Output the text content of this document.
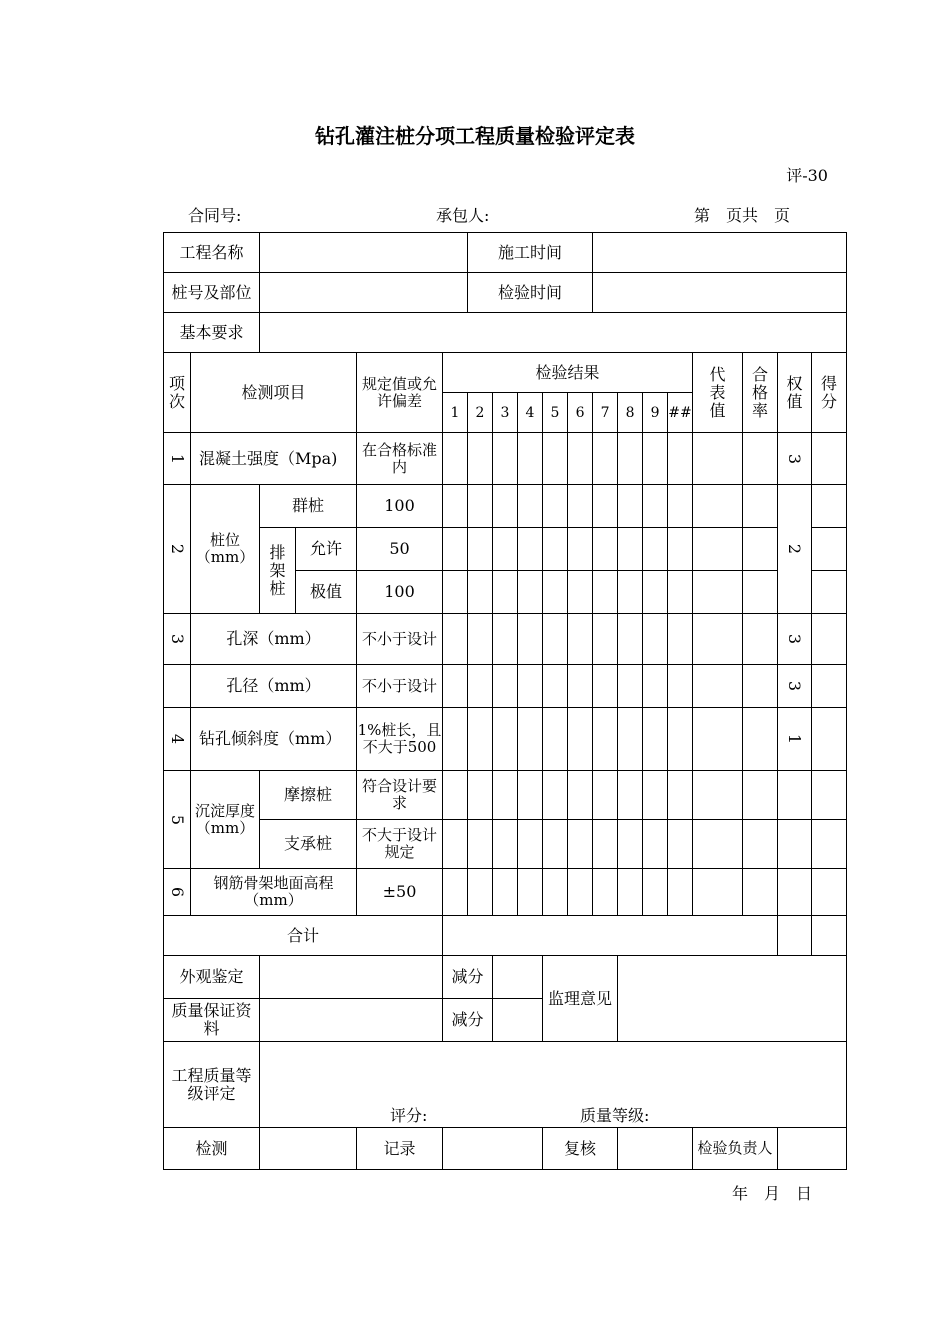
钻孔灌注桩分项工程质量检验评定表
评-30
合同号:	承包人:	第　页共　页
工程名称						施工时间												
桩号及部位						检验时间												
基本要求																		
项次	检测项目			规定值或允许偏差	检验结果										代表值	合格率	权值	得分
					1	2	3	4	5	6	7	8	9	##				
1	混凝土强度（Mpa)			在合格标准内													3	
2	桩位（mm）	群桩		100													2	
		排架桩	允许	50														
			极值	100														
3	孔深（mm）			不小于设计													3	
	孔径（mm）			不小于设计													3	
4	钻孔倾斜度（mm）			1%桩长，且不大于500													1	
5	沉淀厚度（mm）	摩擦桩		符合设计要求														
		支承桩		不大于设计规定														
6	钢筋骨架地面高程（mm）			±50														
合计																		
外观鉴定					减分				监理意见									
质量保证资料					减分													
工程质量等级评定		评分: 质量等级:																

检测				记录					复核						检验负责人			
年　月　日
